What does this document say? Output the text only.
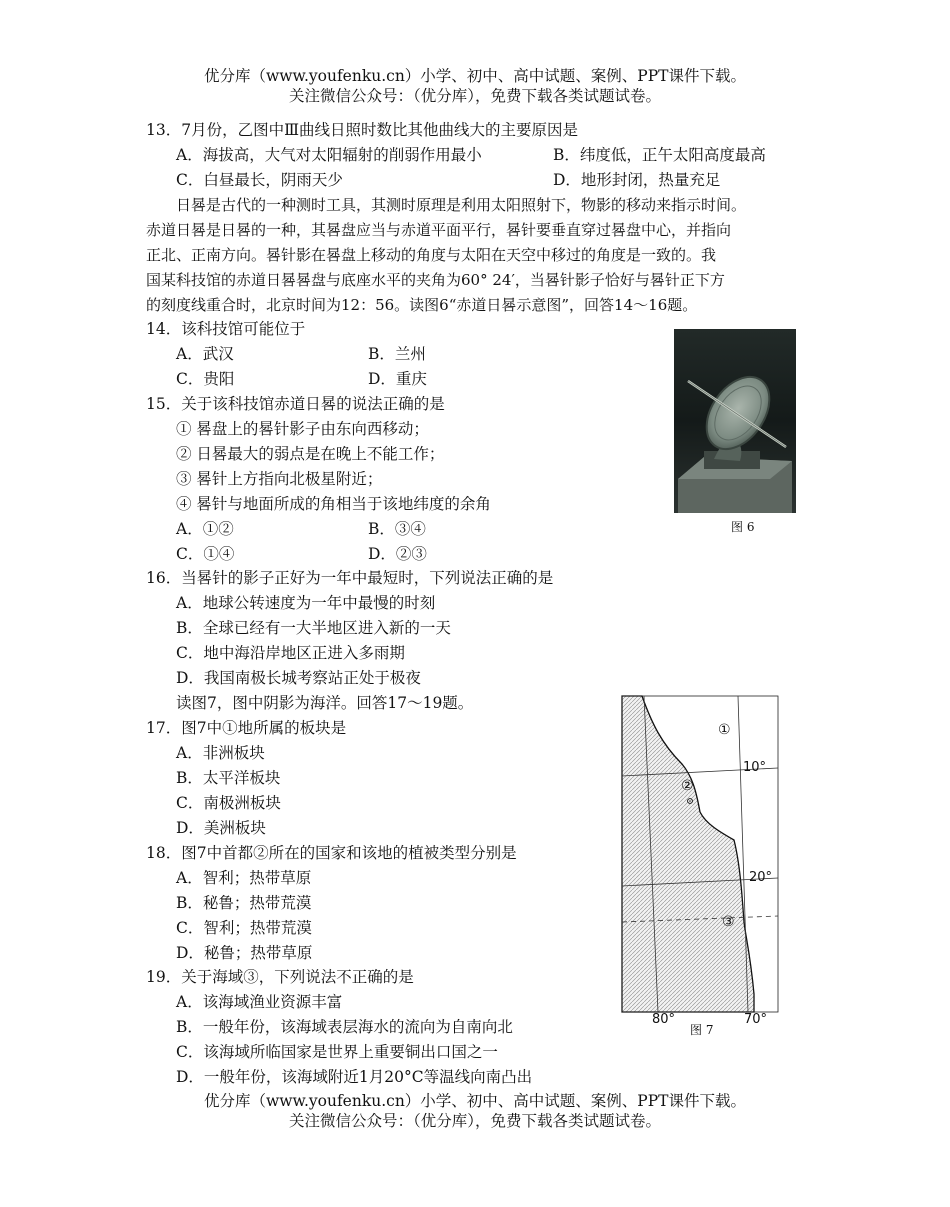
优分库（www.youfenku.cn）小学、初中、高中试题、案例、PPT课件下载。
关注微信公众号：（优分库），免费下载各类试题试卷。
13．7月份，乙图中Ⅲ曲线日照时数比其他曲线大的主要原因是
A．海拔高，大气对太阳辐射的削弱作用最小	B．纬度低，正午太阳高度最高
C．白昼最长，阴雨天少	D．地形封闭，热量充足
日晷是古代的一种测时工具，其测时原理是利用太阳照射下，物影的移动来指示时间。
赤道日晷是日晷的一种，其晷盘应当与赤道平面平行，晷针要垂直穿过晷盘中心，并指向
正北、正南方向。晷针影在晷盘上移动的角度与太阳在天空中移过的角度是一致的。我
国某科技馆的赤道日晷晷盘与底座水平的夹角为60° 24′，当晷针影子恰好与晷针正下方
的刻度线重合时，北京时间为12：56。读图6“赤道日晷示意图”，回答14～16题。
14．该科技馆可能位于
A．武汉	B．兰州
C．贵阳	D．重庆
15．关于该科技馆赤道日晷的说法正确的是
① 晷盘上的晷针影子由东向西移动；
② 日晷最大的弱点是在晚上不能工作；
③ 晷针上方指向北极星附近；
④ 晷针与地面所成的角相当于该地纬度的余角
A．①②	B．③④
C．①④	D．②③
图 6
16．当晷针的影子正好为一年中最短时，下列说法正确的是
A．地球公转速度为一年中最慢的时刻
B．全球已经有一大半地区进入新的一天
C．地中海沿岸地区正进入多雨期
D．我国南极长城考察站正处于极夜
读图7，图中阴影为海洋。回答17～19题。
17．图7中①地所属的板块是
A．非洲板块
B．太平洋板块
C．南极洲板块
D．美洲板块
18．图7中首都②所在的国家和该地的植被类型分别是
A．智利；热带草原
B．秘鲁；热带荒漠
C．智利；热带荒漠
D．秘鲁；热带草原
19．关于海域③，下列说法不正确的是
A．该海域渔业资源丰富
B．一般年份，该海域表层海水的流向为自南向北
C．该海域所临国家是世界上重要铜出口国之一
D．一般年份，该海域附近1月20°C等温线向南凸出
①
②
③
10°
20°
80°
图 7
70°
优分库（www.youfenku.cn）小学、初中、高中试题、案例、PPT课件下载。
关注微信公众号：（优分库），免费下载各类试题试卷。
